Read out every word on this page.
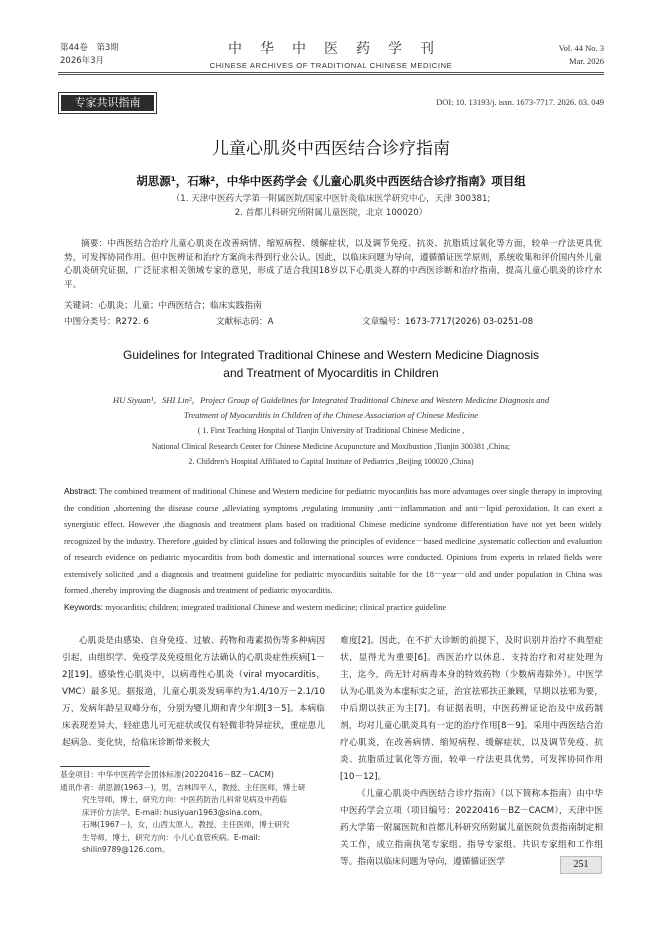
第44卷　第3期
2026年3月
中华中医药学刊
CHINESE ARCHIVES OF TRADITIONAL CHINESE MEDICINE
Vol. 44 No. 3
Mar. 2026
专家共识指南	DOI: 10. 13193/j. issn. 1673-7717. 2026. 03. 049
儿童心肌炎中西医结合诊疗指南
胡思源¹，石琳²，中华中医药学会《儿童心肌炎中西医结合诊疗指南》项目组
（1. 天津中医药大学第一附属医院/国家中医针灸临床医学研究中心，天津 300381;
2. 首都儿科研究所附属儿童医院，北京 100020）

摘要：中西医结合治疗儿童心肌炎在改善病情、缩短病程、缓解症状，以及调节免疫、抗炎、抗脂质过氧化等方面，较单一疗法更具优势，可发挥协同作用。但中医辨证和治疗方案尚未得到行业公认。因此，以临床问题为导向，遵循循证医学原则，系统收集和评价国内外儿童心肌炎研究证据，广泛征求相关领域专家的意见，形成了适合我国18岁以下心肌炎人群的中西医诊断和治疗指南，提高儿童心肌炎的诊疗水平。

关键词：心肌炎；儿童；中西医结合；临床实践指南
中图分类号：R272. 6	文献标志码：A	文章编号：1673-7717(2026) 03-0251-08
Guidelines for Integrated Traditional Chinese and Western Medicine Diagnosis
and Treatment of Myocarditis in Children
HU Siyuan¹，SHI Lin²，Project Group of Guidelines for Integrated Traditional Chinese and Western Medicine Diagnosis and
Treatment of Myocarditis in Children of the Chinese Association of Chinese Medicine
( 1. First Teaching Hospital of Tianjin University of Traditional Chinese Medicine ,
National Clinical Research Center for Chinese Medicine Acupuncture and Moxibustion ,Tianjin 300381 ,China;
2. Children's Hospital Affiliated to Capital Institute of Pediatrics ,Beijing 100020 ,China)
Abstract: The combined treatment of traditional Chinese and Western medicine for pediatric myocarditis has more advantages over single therapy in improving the condition ,shortening the disease course ,alleviating symptoms ,regulating immunity ,anti－inflammation and anti－lipid peroxidation. It can exert a synergistic effect. However ,the diagnosis and treatment plans based on traditional Chinese medicine syndrome differentiation have not yet been widely recognized by the industry. Therefore ,guided by clinical issues and following the principles of evidence－based medicine ,systematic collection and evaluation of research evidence on pediatric myocarditis from both domestic and international sources were conducted. Opinions from experts in related fields were extensively solicited ,and a diagnosis and treatment guideline for pediatric myocarditis suitable for the 18－year－old and under population in China was formed ,thereby improving the diagnosis and treatment of pediatric myocarditis.
Keywords: myocarditis; children; integrated traditional Chinese and western medicine; clinical practice guideline

心肌炎是由感染、自身免疫、过敏、药物和毒素损伤等多种病因引起，由组织学、免疫学及免疫组化方法确认的心肌炎症性疾病[1－2][19]。感染性心肌炎中，以病毒性心肌炎（viral myocarditis，VMC）最多见。据报道，儿童心肌炎发病率约为1.4/10万－2.1/10万，发病年龄呈双峰分布，分别为婴儿期和青少年期[3－5]。本病临床表现差异大，轻症患儿可无症状或仅有轻微非特异症状，重症患儿起病急、变化快，给临床诊断带来极大

难度[2]。因此，在不扩大诊断的前提下，及时识别并治疗不典型症状，显得尤为重要[6]。西医治疗以休息、支持治疗和对症处理为主，迄今，尚无针对病毒本身的特效药物（少数病毒除外）。中医学认为心肌炎为本虚标实之证，治宜祛邪扶正兼顾，早期以祛邪为要，中后期以扶正为主[7]。有证据表明，中医药辨证论治及中成药制剂，均对儿童心肌炎具有一定的治疗作用[8－9]。采用中西医结合治疗心肌炎，在改善病情、缩短病程、缓解症状，以及调节免疫、抗炎、抗脂质过氧化等方面，较单一疗法更具优势，可发挥协同作用[10－12]。

《儿童心肌炎中西医结合诊疗指南》（以下简称本指南）由中华中医药学会立项（项目编号：20220416－BZ－CACM），天津中医药大学第一附属医院和首都儿科研究所附属儿童医院负责指南制定相关工作，成立指南执笔专家组、指导专家组、共识专家组和工作组等。指南以临床问题为导向，遵循循证医学

基金项目：中华中医药学会团体标准(20220416－BZ－CACM)
通讯作者：胡思源(1963－)，男，吉林四平人，教授、主任医师，博士研
究生导师，博士，研究方向：中医药防治儿科常见病及中药临
床评价方法学。E-mail: husiyuan1963@sina.com。
石琳(1967－)，女，山西太原人，教授、主任医师，博士研究
生导师，博士，研究方向：小儿心血管疾病。E-mail:
shilin9789@126.com。
251
